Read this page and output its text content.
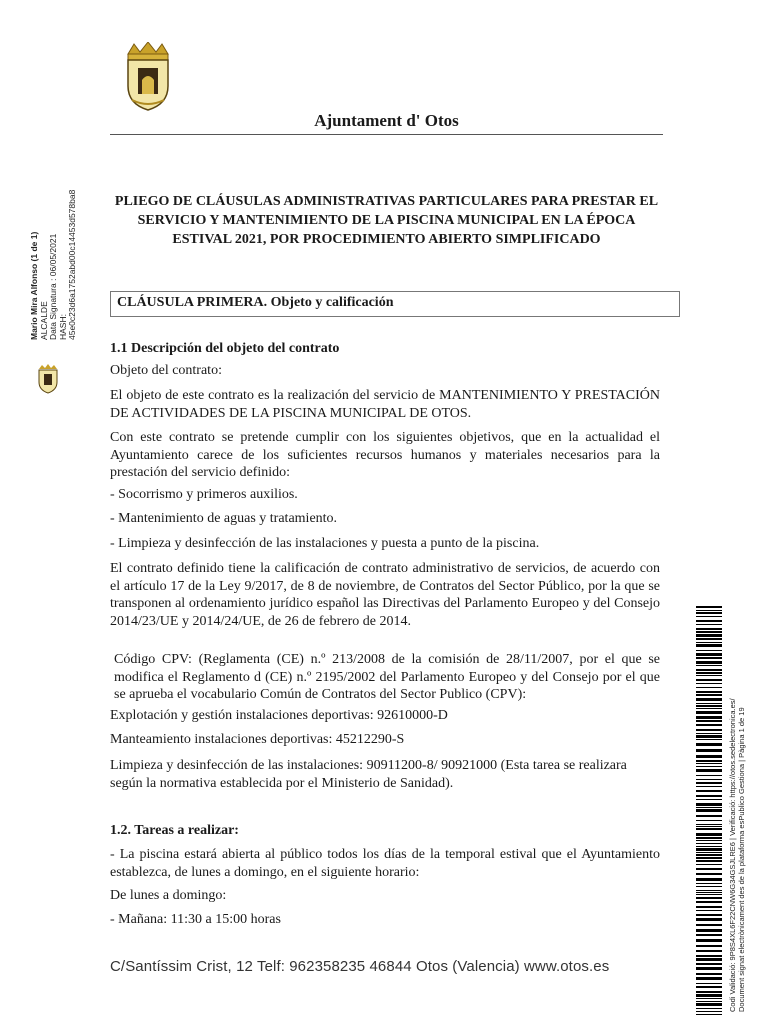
Ajuntament d' Otos
Mario Mira Alfonso (1 de 1) ALCALDE Data Signatura : 06/05/2021 HASH: 45e0c23d6a1752abd00c14453d578ba8
Codi Validació: 9P8S4XL6F22CNW6G34GSJLRE6 | Verificació: https://otos.sedelectronica.es/ Document signat electrònicament des de la plataforma esPublico Gestiona | Pàgina 1 de 19
PLIEGO DE CLÁUSULAS ADMINISTRATIVAS PARTICULARES PARA PRESTAR EL SERVICIO Y MANTENIMIENTO DE LA PISCINA MUNICIPAL EN LA ÉPOCA ESTIVAL 2021, POR PROCEDIMIENTO ABIERTO SIMPLIFICADO
CLÁUSULA PRIMERA. Objeto y calificación
1.1 Descripción del objeto del contrato
Objeto del contrato:
El objeto de este contrato es la realización del servicio de MANTENIMIENTO Y PRESTACIÓN DE ACTIVIDADES DE LA PISCINA MUNICIPAL DE OTOS.
Con este contrato se pretende cumplir con los siguientes objetivos, que en la actualidad el Ayuntamiento carece de los suficientes recursos humanos y materiales necesarios para la prestación del servicio definido:
- Socorrismo y primeros auxilios.
- Mantenimiento de aguas y tratamiento.
- Limpieza y desinfección de las instalaciones y puesta a punto de la piscina.
El contrato definido tiene la calificación de contrato administrativo de servicios, de acuerdo con el artículo 17 de la Ley 9/2017, de 8 de noviembre, de Contratos del Sector Público, por la que se transponen al ordenamiento jurídico español las Directivas del Parlamento Europeo y del Consejo 2014/23/UE y 2014/24/UE, de 26 de febrero de 2014.
Código CPV: (Reglamenta (CE) n.º 213/2008 de la comisión de 28/11/2007, por el que se modifica el Reglamento d (CE) n.º 2195/2002 del Parlamento Europeo y del Consejo por el que se aprueba el vocabulario Común de Contratos del Sector Publico (CPV):
Explotación y gestión instalaciones deportivas: 92610000-D
Manteamiento instalaciones deportivas: 45212290-S
Limpieza y desinfección de las instalaciones: 90911200-8/ 90921000 (Esta tarea se realizara según la normativa establecida por el Ministerio de Sanidad).
1.2. Tareas a realizar:
- La piscina estará abierta al público todos los días de la temporal estival que el Ayuntamiento establezca, de lunes a domingo, en el siguiente horario:
De lunes a domingo:
- Mañana: 11:30 a 15:00 horas
C/Santíssim Crist, 12 Telf: 962358235 46844 Otos (Valencia) www.otos.es
